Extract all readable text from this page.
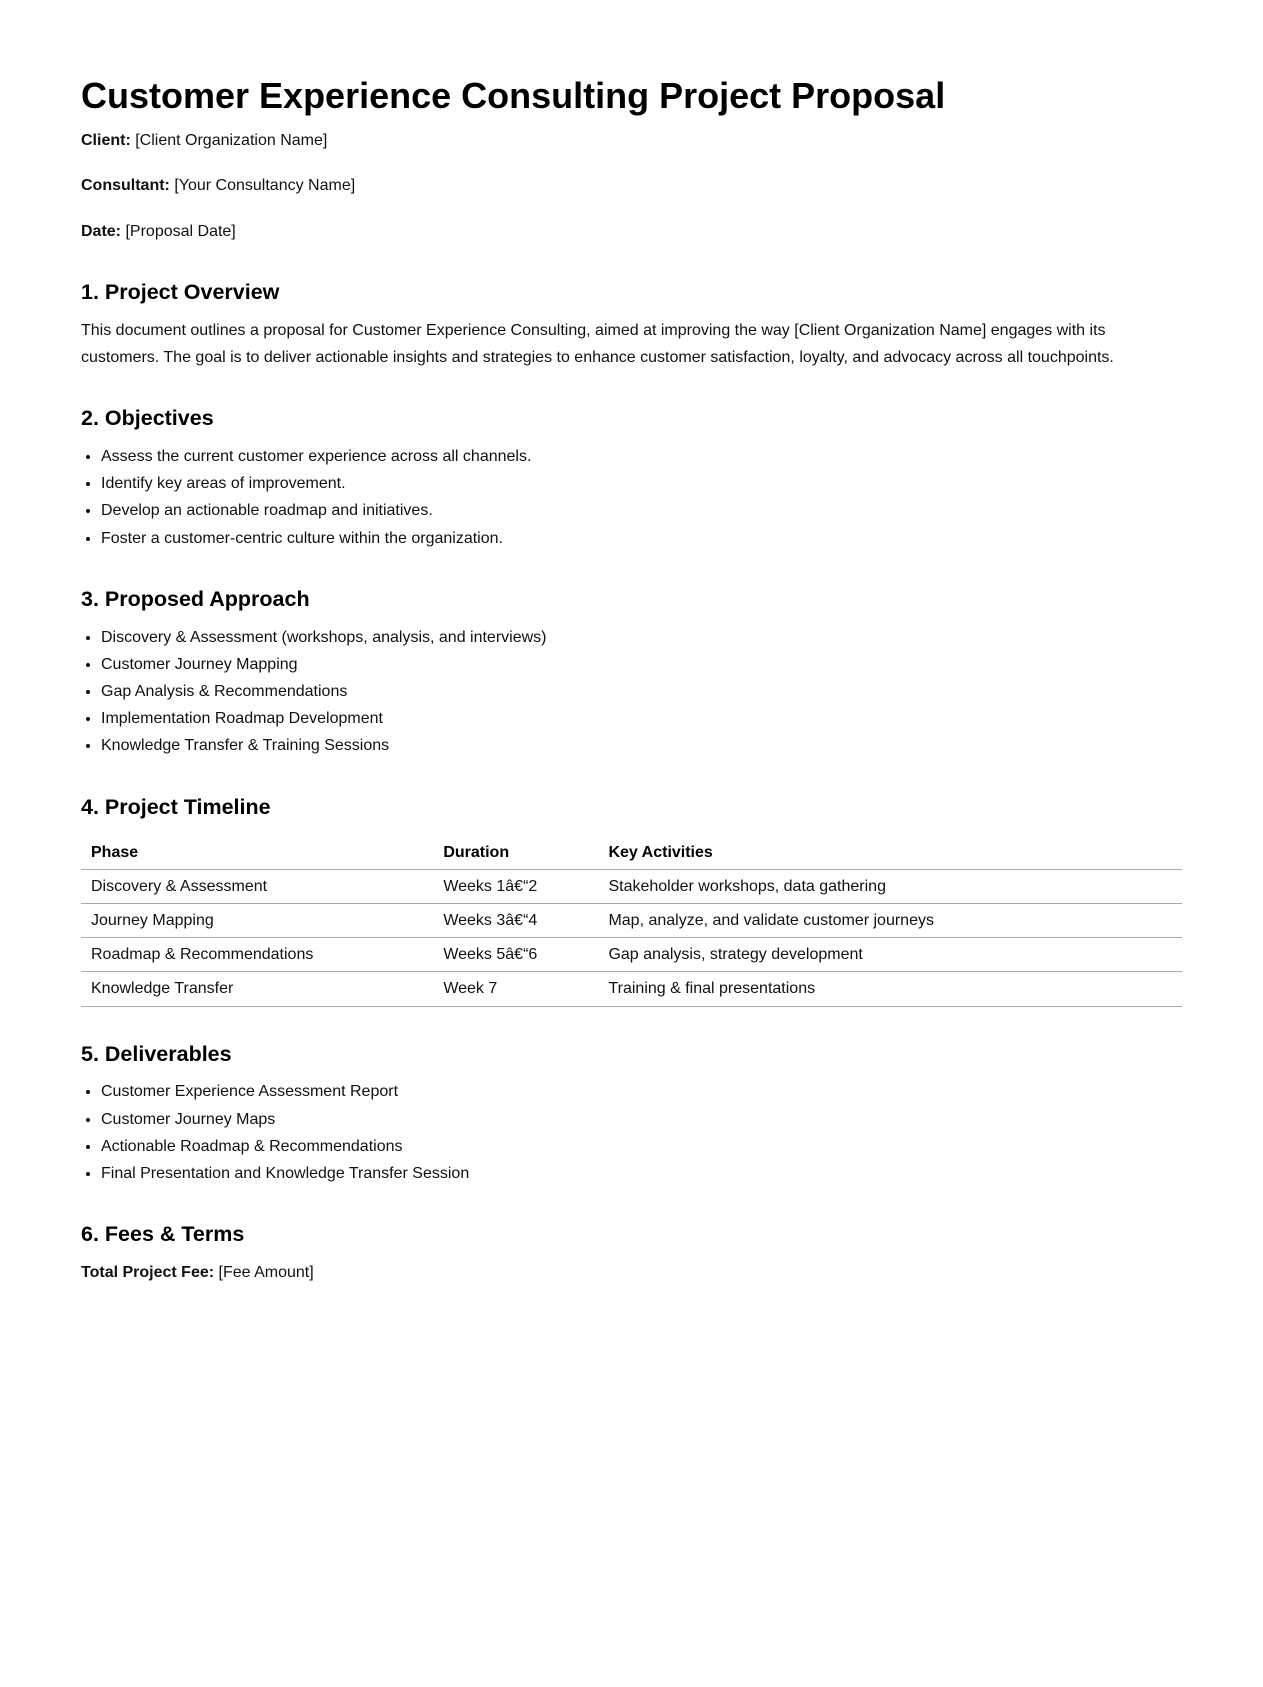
Customer Experience Consulting Project Proposal

Client: [Client Organization Name]

Consultant: [Your Consultancy Name]

Date: [Proposal Date]

1. Project Overview

This document outlines a proposal for Customer Experience Consulting, aimed at improving the way [Client Organization Name] engages with its customers. The goal is to deliver actionable insights and strategies to enhance customer satisfaction, loyalty, and advocacy across all touchpoints.

2. Objectives
• Assess the current customer experience across all channels.
• Identify key areas of improvement.
• Develop an actionable roadmap and initiatives.
• Foster a customer-centric culture within the organization.
3. Proposed Approach
• Discovery & Assessment (workshops, analysis, and interviews)
• Customer Journey Mapping
• Gap Analysis & Recommendations
• Implementation Roadmap Development
• Knowledge Transfer & Training Sessions
4. Project Timeline
Phase	Duration	Key Activities
Discovery & Assessment	Weeks 1â€“2	Stakeholder workshops, data gathering
Journey Mapping	Weeks 3â€“4	Map, analyze, and validate customer journeys
Roadmap & Recommendations	Weeks 5â€“6	Gap analysis, strategy development
Knowledge Transfer	Week 7	Training & final presentations
5. Deliverables
• Customer Experience Assessment Report
• Customer Journey Maps
• Actionable Roadmap & Recommendations
• Final Presentation and Knowledge Transfer Session
6. Fees & Terms

Total Project Fee: [Fee Amount]
